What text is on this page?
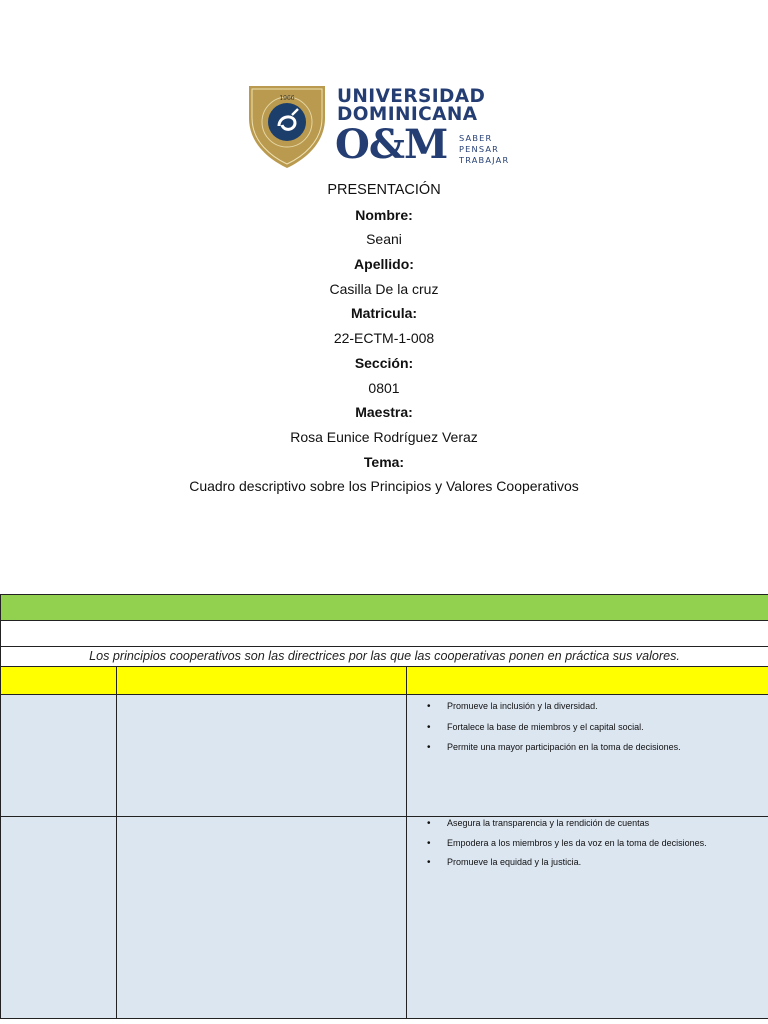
1966 UNIVERSIDAD
DOMINICANA
O&M SABER
PENSAR
TRABAJAR
PRESENTACIÓN
Nombre:
Seani
Apellido:
Casilla De la cruz
Matricula:
22-ECTM-1-008
Sección:
0801
Maestra:
Rosa Eunice Rodríguez Veraz
Tema:
Cuadro descriptivo sobre los Principios y Valores Cooperativos
Los principios cooperativos son las directrices por las que las cooperativas ponen en práctica sus valores.
• Promueve la inclusión y la diversidad.
• Fortalece la base de miembros y el capital social.
• Permite una mayor participación en la toma de decisiones.
• Asegura la transparencia y la rendición de cuentas
• Empodera a los miembros y les da voz en la toma de decisiones.
• Promueve la equidad y la justicia.
